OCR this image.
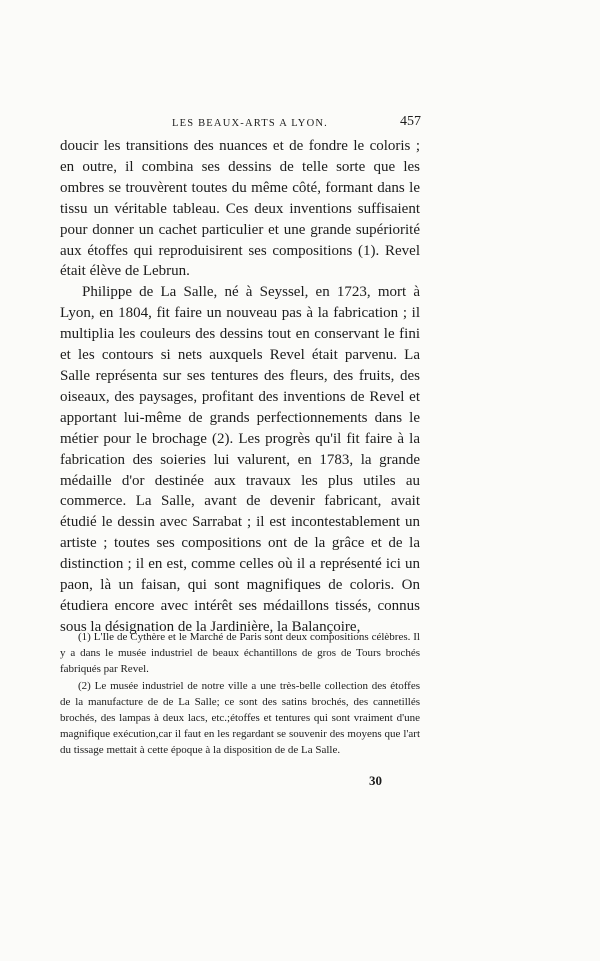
LES BEAUX-ARTS A LYON.	457

doucir les transitions des nuances et de fondre le coloris ; en outre, il combina ses dessins de telle sorte que les ombres se trouvèrent toutes du même côté, formant dans le tissu un véritable tableau. Ces deux inventions suffisaient pour donner un cachet particulier et une grande supériorité aux étoffes qui reproduisirent ses compositions (1). Revel était élève de Lebrun.

Philippe de La Salle, né à Seyssel, en 1723, mort à Lyon, en 1804, fit faire un nouveau pas à la fabrication ; il multiplia les couleurs des dessins tout en conservant le fini et les contours si nets auxquels Revel était parvenu. La Salle représenta sur ses tentures des fleurs, des fruits, des oiseaux, des paysages, profitant des inventions de Revel et apportant lui-même de grands perfectionnements dans le métier pour le brochage (2). Les progrès qu'il fit faire à la fabrication des soieries lui valurent, en 1783, la grande médaille d'or destinée aux travaux les plus utiles au commerce. La Salle, avant de devenir fabricant, avait étudié le dessin avec Sarrabat ; il est incontestablement un artiste ; toutes ses compositions ont de la grâce et de la distinction ; il en est, comme celles où il a représenté ici un paon, là un faisan, qui sont magnifiques de coloris. On étudiera encore avec intérêt ses médaillons tissés, connus sous la désignation de la Jardinière, la Balançoire,

(1) L'Ile de Cythère et le Marché de Paris sont deux compositions célèbres. Il y a dans le musée industriel de beaux échantillons de gros de Tours brochés fabriqués par Revel.

(2) Le musée industriel de notre ville a une très-belle collection des étoffes de la manufacture de de La Salle; ce sont des satins brochés, des cannetillés brochés, des lampas à deux lacs, etc.;étoffes et tentures qui sont vraiment d'une magnifique exécution,car il faut en les regardant se souvenir des moyens que l'art du tissage mettait à cette époque à la disposition de de La Salle.

30
